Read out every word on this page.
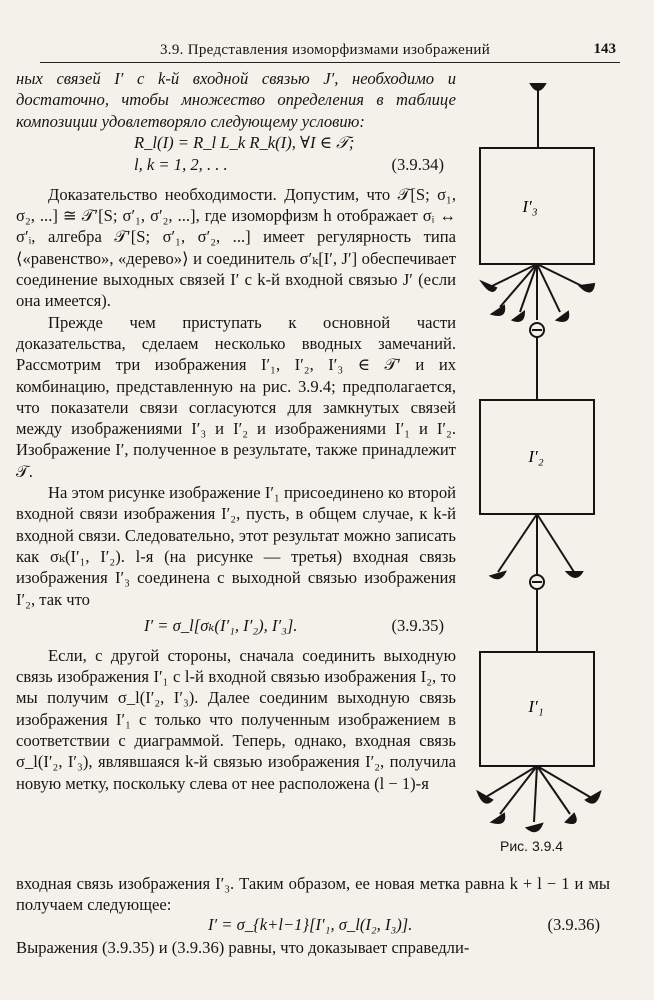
3.9. Представления изоморфизмами изображений	143

ных связей I′ с k-й входной связью J′, необходимо и достаточно, чтобы множество определения в таблице композиции удовлетворяло следующему условию:

R_l(I) = R_l L_k R_k(I), ∀I ∈ 𝒯;
l, k = 1, 2, . . .	(3.9.34)

Доказательство необходимости. Допустим, что 𝒯[S; σ₁, σ₂, ...] ≅ 𝒯′[S; σ′₁, σ′₂, ...], где изоморфизм h отображает σᵢ ↔ σ′ᵢ, алгебра 𝒯′[S; σ′₁, σ′₂, ...] имеет регулярность типа ⟨«равенство», «дерево»⟩ и соединитель σ′ₖ[I′, J′] обеспечивает соединение выходных связей I′ с k-й входной связью J′ (если она имеется).

Прежде чем приступать к основной части доказательства, сделаем несколько вводных замечаний. Рассмотрим три изображения I′₁, I′₂, I′₃ ∈ 𝒯′ и их комбинацию, представленную на рис. 3.9.4; предполагается, что показатели связи согласуются для замкнутых связей между изображениями I′₃ и I′₂ и изображениями I′₁ и I′₂. Изображение I′, полученное в результате, также принадлежит 𝒯.

На этом рисунке изображение I′₁ присоединено ко второй входной связи изображения I′₂, пусть, в общем случае, к k-й входной связи. Следовательно, этот результат можно записать как σₖ(I′₁, I′₂). l-я (на рисунке — третья) входная связь изображения I′₃ соединена с выходной связью изображения I′₂, так что

I′ = σ_l[σₖ(I′₁, I′₂), I′₃].	(3.9.35)

Если, с другой стороны, сначала соединить выходную связь изображения I′₁ с l-й входной связью изображения I₂, то мы получим σ_l(I′₂, I′₃). Далее соединим выходную связь изображения I′₁ с только что полученным изображением в соответствии с диаграммой. Теперь, однако, входная связь σ_l(I′₂, I′₃), являвшаяся k-й связью изображения I′₂, получила новую метку, поскольку слева от нее расположена (l − 1)-я

входная связь изображения I′₃. Таким образом, ее новая метка равна k + l − 1 и мы получаем следующее:

I′ = σ_{k+l−1}[I′₁, σ_l(I₂, I₃)].	(3.9.36)
Выражения (3.9.35) и (3.9.36) равны, что доказывает справедли-
I′₃
I′₂
I′₁
Рис. 3.9.4
